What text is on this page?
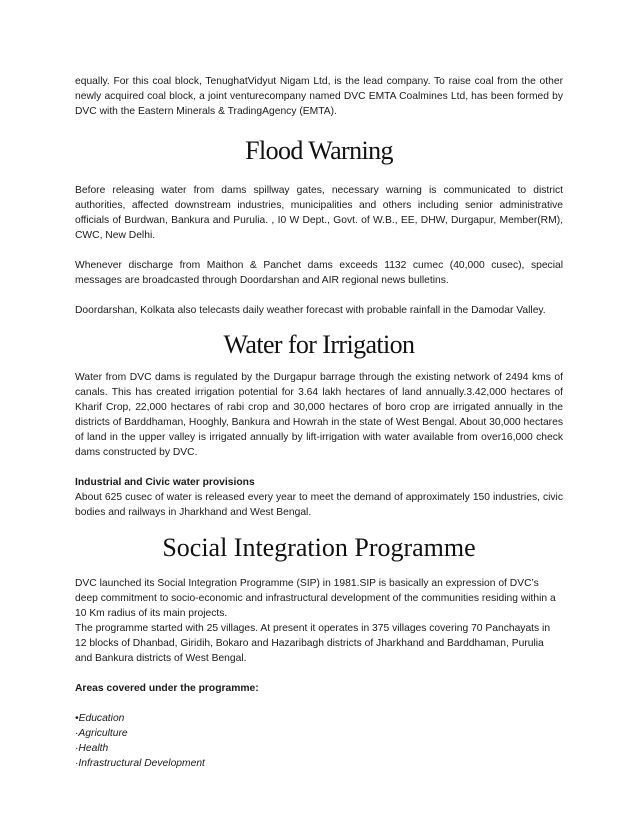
equally. For this coal block, TenughatVidyut Nigam Ltd, is the lead company. To raise coal from the other newly acquired coal block, a joint venturecompany named DVC EMTA Coalmines Ltd, has been formed by DVC with the Eastern Minerals & TradingAgency (EMTA).

Flood Warning

Before releasing water from dams spillway gates, necessary warning is communicated to district authorities, affected downstream industries, municipalities and others including senior administrative officials of Burdwan, Bankura and Purulia. , I0 W Dept., Govt. of W.B., EE, DHW, Durgapur, Member(RM), CWC, New Delhi.

Whenever discharge from Maithon & Panchet dams exceeds 1132 cumec (40,000 cusec), special messages are broadcasted through Doordarshan and AIR regional news bulletins.

Doordarshan, Kolkata also telecasts daily weather forecast with probable rainfall in the Damodar Valley.

Water for Irrigation

Water from DVC dams is regulated by the Durgapur barrage through the existing network of 2494 kms of canals. This has created irrigation potential for 3.64 lakh hectares of land annually.3.42,000 hectares of Kharif Crop, 22,000 hectares of rabi crop and 30,000 hectares of boro crop are irrigated annually in the districts of Barddhaman, Hooghly, Bankura and Howrah in the state of West Bengal. About 30,000 hectares of land in the upper valley is irrigated annually by lift-irrigation with water available from over16,000 check dams constructed by DVC.

Industrial and Civic water provisions

About 625 cusec of water is released every year to meet the demand of approximately 150 industries, civic bodies and railways in Jharkhand and West Bengal.

Social Integration Programme

DVC launched its Social Integration Programme (SIP) in 1981.SIP is basically an expression of DVC’s deep commitment to socio-economic and infrastructural development of the communities residing within a 10 Km radius of its main projects.

The programme started with 25 villages. At present it operates in 375 villages covering 70 Panchayats in 12 blocks of Dhanbad, Giridih, Bokaro and Hazaribagh districts of Jharkhand and Barddhaman, Purulia and Bankura districts of West Bengal.

Areas covered under the programme:

•Education

·Agriculture

·Health

·Infrastructural Development
